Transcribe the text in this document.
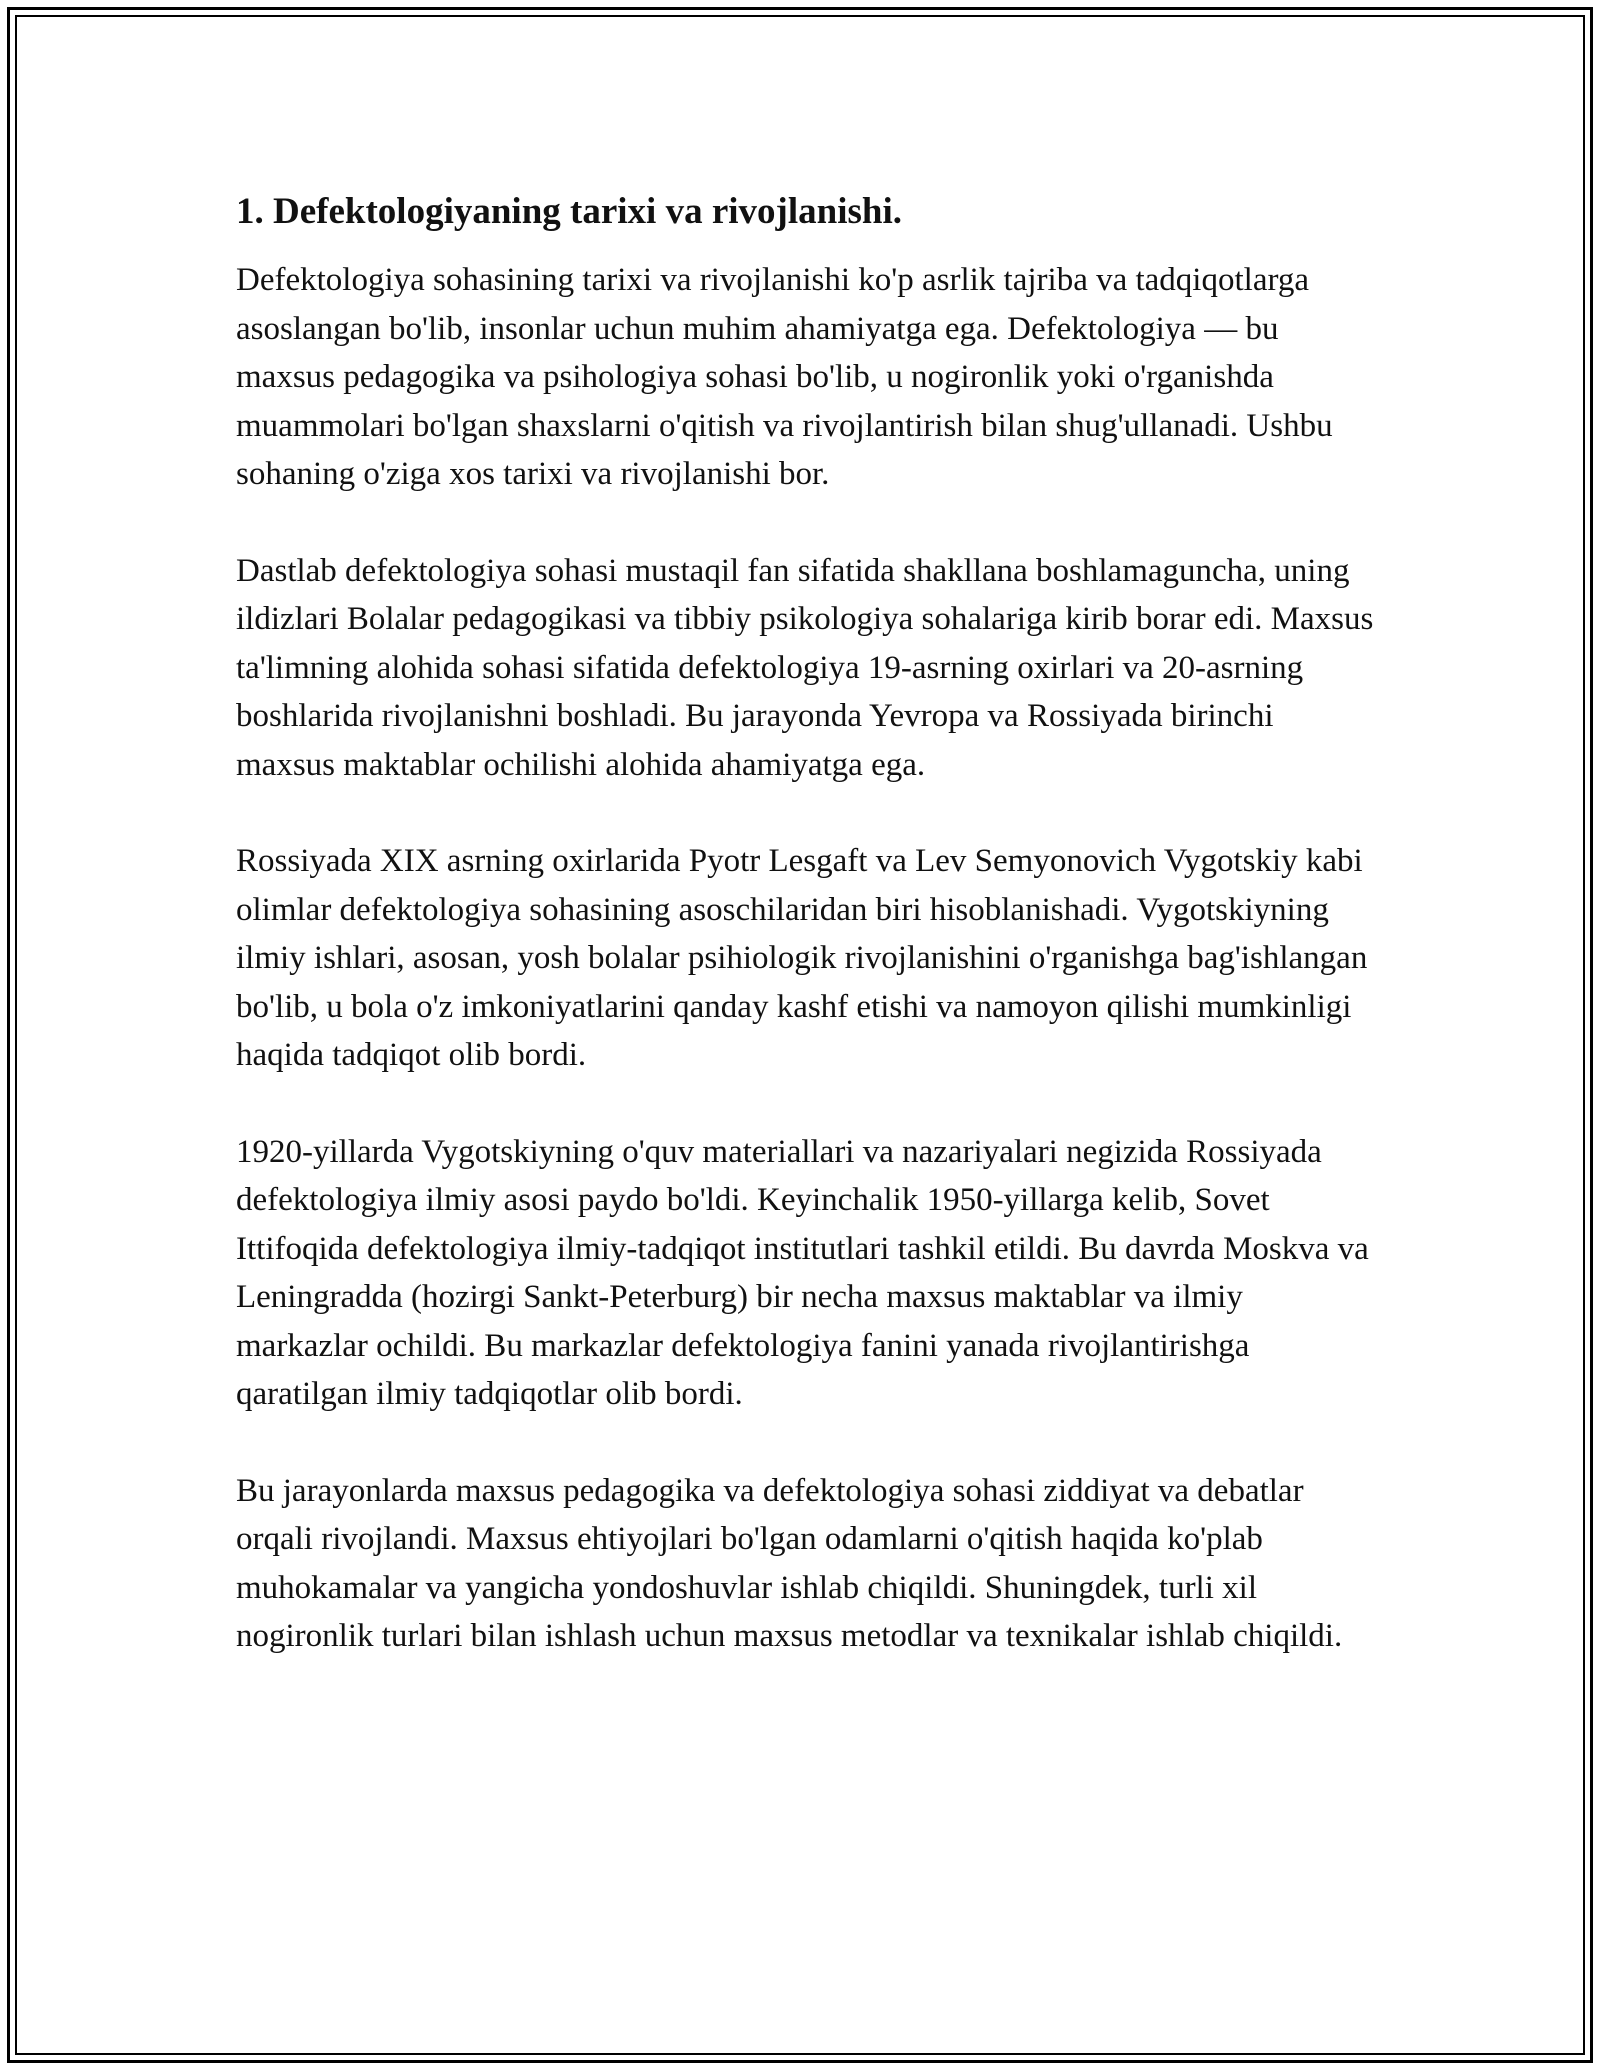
1. Defektologiyaning tarixi va rivojlanishi.

Defektologiya sohasining tarixi va rivojlanishi ko'p asrlik tajriba va tadqiqotlarga asoslangan bo'lib, insonlar uchun muhim ahamiyatga ega. Defektologiya — bu maxsus pedagogika va psihologiya sohasi bo'lib, u nogironlik yoki o'rganishda muammolari bo'lgan shaxslarni o'qitish va rivojlantirish bilan shug'ullanadi. Ushbu sohaning o'ziga xos tarixi va rivojlanishi bor.

Dastlab defektologiya sohasi mustaqil fan sifatida shakllana boshlamaguncha, uning ildizlari Bolalar pedagogikasi va tibbiy psikologiya sohalariga kirib borar edi. Maxsus ta'limning alohida sohasi sifatida defektologiya 19-asrning oxirlari va 20-asrning boshlarida rivojlanishni boshladi. Bu jarayonda Yevropa va Rossiyada birinchi maxsus maktablar ochilishi alohida ahamiyatga ega.

Rossiyada XIX asrning oxirlarida Pyotr Lesgaft va Lev Semyonovich Vygotskiy kabi olimlar defektologiya sohasining asoschilaridan biri hisoblanishadi. Vygotskiyning ilmiy ishlari, asosan, yosh bolalar psihiologik rivojlanishini o'rganishga bag'ishlangan bo'lib, u bola o'z imkoniyatlarini qanday kashf etishi va namoyon qilishi mumkinligi haqida tadqiqot olib bordi.

1920-yillarda Vygotskiyning o'quv materiallari va nazariyalari negizida Rossiyada defektologiya ilmiy asosi paydo bo'ldi. Keyinchalik 1950-yillarga kelib, Sovet Ittifoqida defektologiya ilmiy-tadqiqot institutlari tashkil etildi. Bu davrda Moskva va Leningradda (hozirgi Sankt-Peterburg) bir necha maxsus maktablar va ilmiy markazlar ochildi. Bu markazlar defektologiya fanini yanada rivojlantirishga qaratilgan ilmiy tadqiqotlar olib bordi.

Bu jarayonlarda maxsus pedagogika va defektologiya sohasi ziddiyat va debatlar orqali rivojlandi. Maxsus ehtiyojlari bo'lgan odamlarni o'qitish haqida ko'plab muhokamalar va yangicha yondoshuvlar ishlab chiqildi. Shuningdek, turli xil nogironlik turlari bilan ishlash uchun maxsus metodlar va texnikalar ishlab chiqildi.
